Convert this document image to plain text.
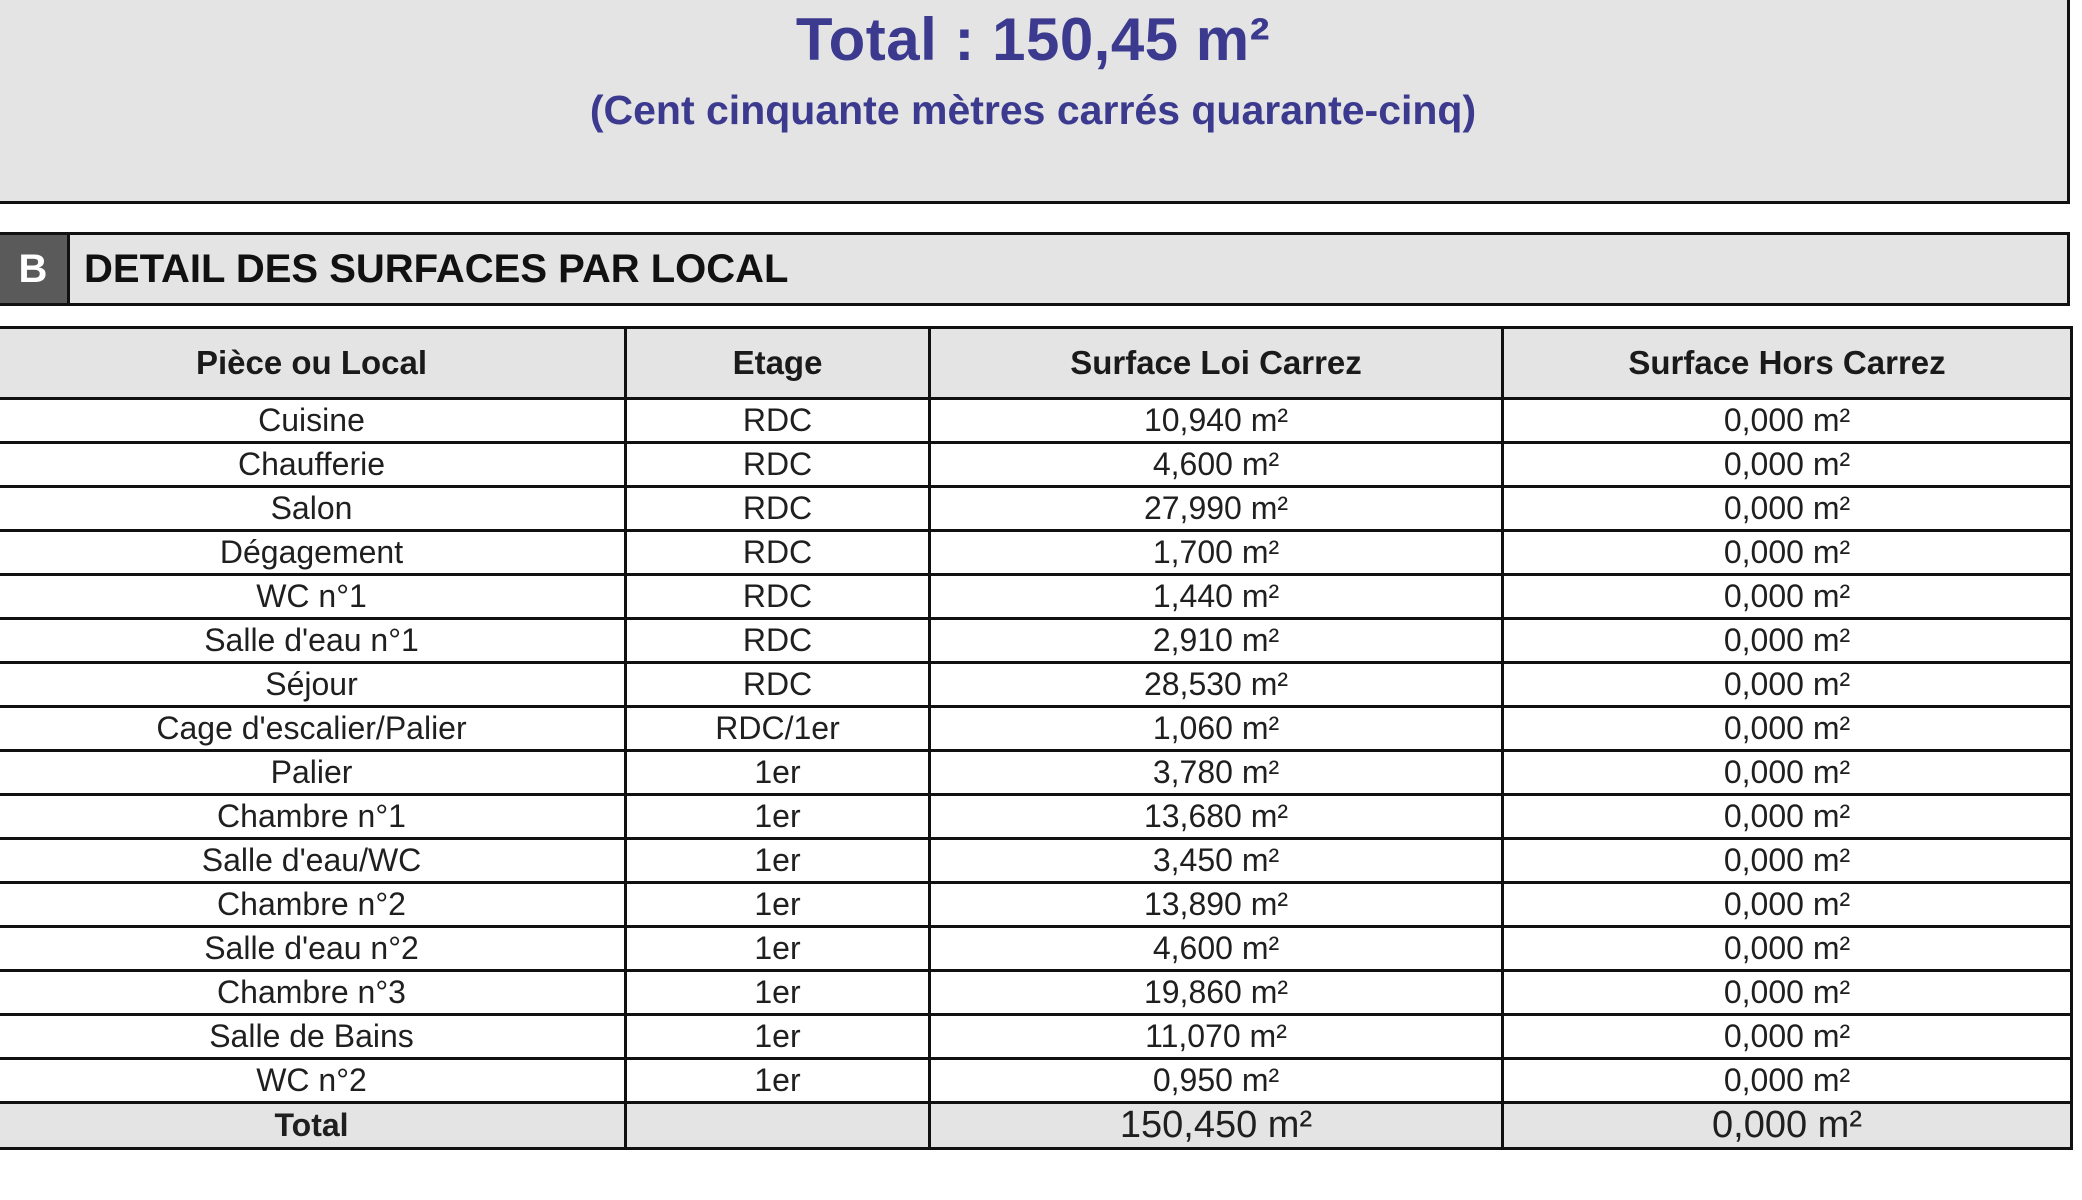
Total : 150,45 m²
(Cent cinquante mètres carrés quarante-cinq)
B DETAIL DES SURFACES PAR LOCAL
Pièce ou Local	Etage	Surface Loi Carrez	Surface Hors Carrez
Cuisine	RDC	10,940 m²	0,000 m²
Chaufferie	RDC	4,600 m²	0,000 m²
Salon	RDC	27,990 m²	0,000 m²
Dégagement	RDC	1,700 m²	0,000 m²
WC n°1	RDC	1,440 m²	0,000 m²
Salle d'eau n°1	RDC	2,910 m²	0,000 m²
Séjour	RDC	28,530 m²	0,000 m²
Cage d'escalier/Palier	RDC/1er	1,060 m²	0,000 m²
Palier	1er	3,780 m²	0,000 m²
Chambre n°1	1er	13,680 m²	0,000 m²
Salle d'eau/WC	1er	3,450 m²	0,000 m²
Chambre n°2	1er	13,890 m²	0,000 m²
Salle d'eau n°2	1er	4,600 m²	0,000 m²
Chambre n°3	1er	19,860 m²	0,000 m²
Salle de Bains	1er	11,070 m²	0,000 m²
WC n°2	1er	0,950 m²	0,000 m²
Total		150,450 m²	0,000 m²
